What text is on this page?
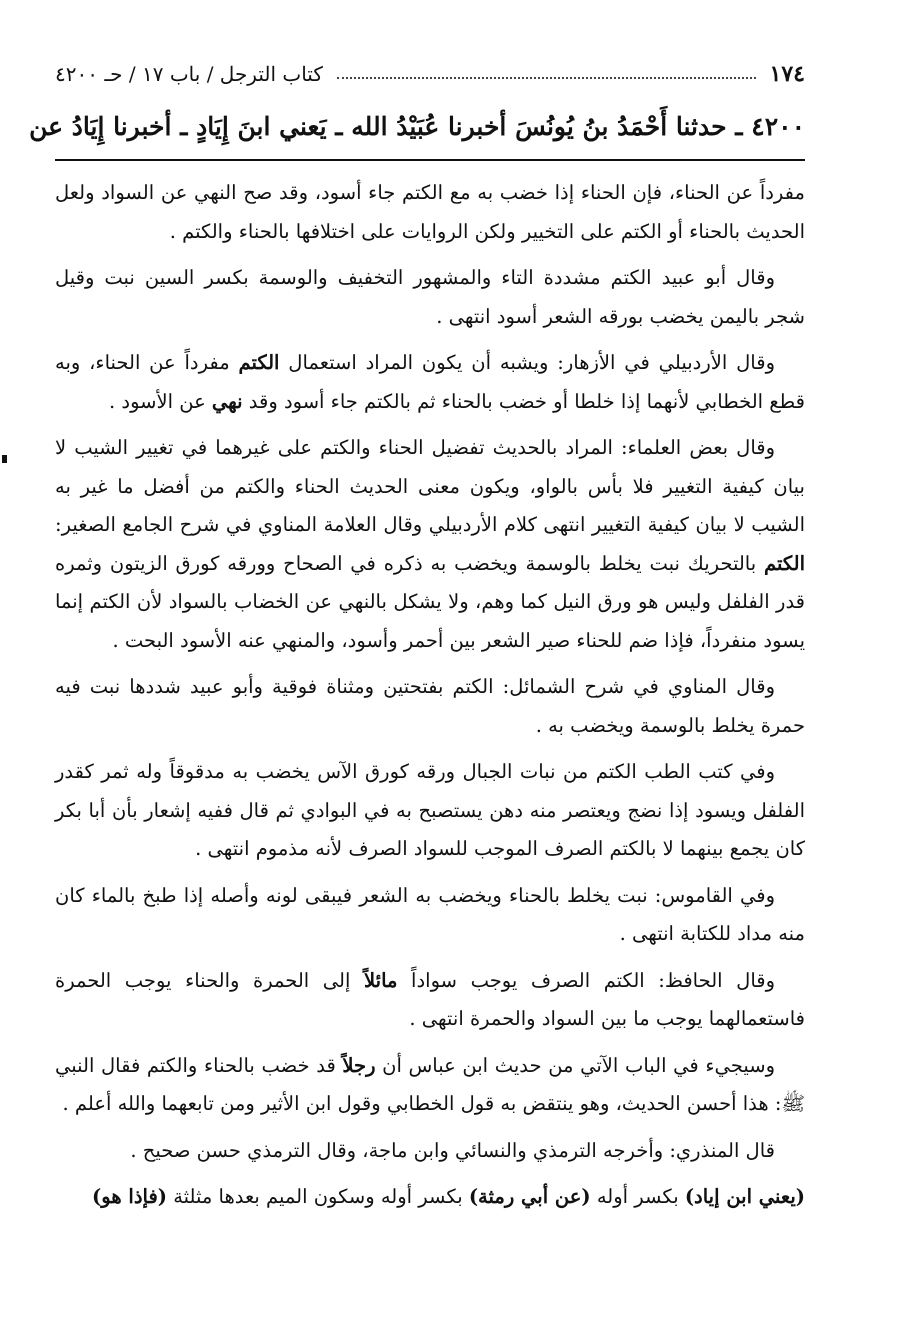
١٧٤
كتاب الترجل / باب ١٧ / حـ ٤٢٠٠
٤٢٠٠ ـ حدثنا أَحْمَدُ بنُ يُونُسَ أخبرنا عُبَيْدُ الله ـ يَعني ابنَ إِيَادٍ ـ أخبرنا إِيَادُ عن

مفرداً عن الحناء، فإن الحناء إذا خضب به مع الكتم جاء أسود، وقد صح النهي عن السواد ولعل الحديث بالحناء أو الكتم على التخيير ولكن الروايات على اختلافها بالحناء والكتم .

وقال أبو عبيد الكتم مشددة التاء والمشهور التخفيف والوسمة بكسر السين نبت وقيل شجر باليمن يخضب بورقه الشعر أسود انتهى .

وقال الأردبيلي في الأزهار: ويشبه أن يكون المراد استعمال الكتم مفرداً عن الحناء، وبه قطع الخطابي لأنهما إذا خلطا أو خضب بالحناء ثم بالكتم جاء أسود وقد نهي عن الأسود .

وقال بعض العلماء: المراد بالحديث تفضيل الحناء والكتم على غيرهما في تغيير الشيب لا بيان كيفية التغيير فلا بأس بالواو، ويكون معنى الحديث الحناء والكتم من أفضل ما غير به الشيب لا بيان كيفية التغيير انتهى كلام الأردبيلي وقال العلامة المناوي في شرح الجامع الصغير: الكتم بالتحريك نبت يخلط بالوسمة ويخضب به ذكره في الصحاح وورقه كورق الزيتون وثمره قدر الفلفل وليس هو ورق النيل كما وهم، ولا يشكل بالنهي عن الخضاب بالسواد لأن الكتم إنما يسود منفرداً، فإذا ضم للحناء صير الشعر بين أحمر وأسود، والمنهي عنه الأسود البحت .

وقال المناوي في شرح الشمائل: الكتم بفتحتين ومثناة فوقية وأبو عبيد شددها نبت فيه حمرة يخلط بالوسمة ويخضب به .

وفي كتب الطب الكتم من نبات الجبال ورقه كورق الآس يخضب به مدقوقاً وله ثمر كقدر الفلفل ويسود إذا نضج ويعتصر منه دهن يستصبح به في البوادي ثم قال ففيه إشعار بأن أبا بكر كان يجمع بينهما لا بالكتم الصرف الموجب للسواد الصرف لأنه مذموم انتهى .

وفي القاموس: نبت يخلط بالحناء ويخضب به الشعر فيبقى لونه وأصله إذا طبخ بالماء كان منه مداد للكتابة انتهى .

وقال الحافظ: الكتم الصرف يوجب سواداً مائلاً إلى الحمرة والحناء يوجب الحمرة فاستعمالهما يوجب ما بين السواد والحمرة انتهى .

وسيجيء في الباب الآتي من حديث ابن عباس أن رجلاً قد خضب بالحناء والكتم فقال النبي ﷺ: هذا أحسن الحديث، وهو ينتقض به قول الخطابي وقول ابن الأثير ومن تابعهما والله أعلم .

قال المنذري: وأخرجه الترمذي والنسائي وابن ماجة، وقال الترمذي حسن صحيح .

(يعني ابن إياد) بكسر أوله (عن أبي رمثة) بكسر أوله وسكون الميم بعدها مثلثة (فإذا هو)
